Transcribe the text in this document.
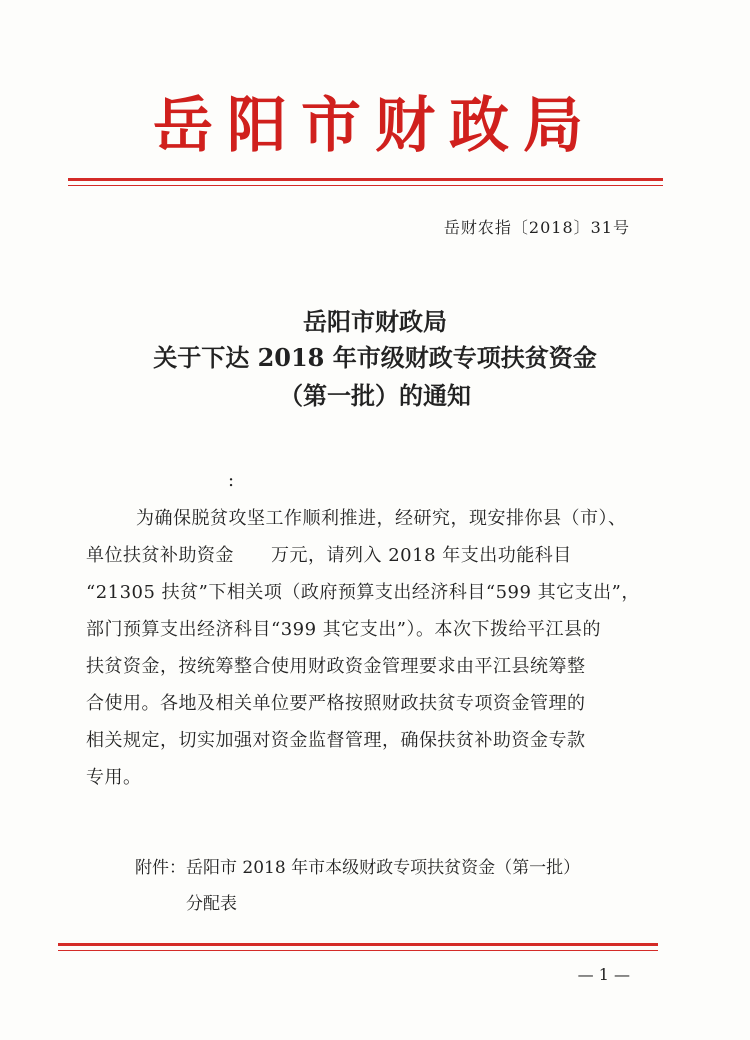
岳阳市财政局
岳财农指〔2018〕31号
岳阳市财政局
关于下达 2018 年市级财政专项扶贫资金
（第一批）的通知
:
为确保脱贫攻坚工作顺利推进，经研究，现安排你县（市）、
单位扶贫补助资金　　万元，请列入 2018 年支出功能科目
“21305 扶贫”下相关项（政府预算支出经济科目“599 其它支出”，
部门预算支出经济科目“399 其它支出”）。本次下拨给平江县的
扶贫资金，按统筹整合使用财政资金管理要求由平江县统筹整
合使用。各地及相关单位要严格按照财政扶贫专项资金管理的
相关规定，切实加强对资金监督管理，确保扶贫补助资金专款
专用。
附件：岳阳市 2018 年市本级财政专项扶贫资金（第一批）
分配表
— 1 —
